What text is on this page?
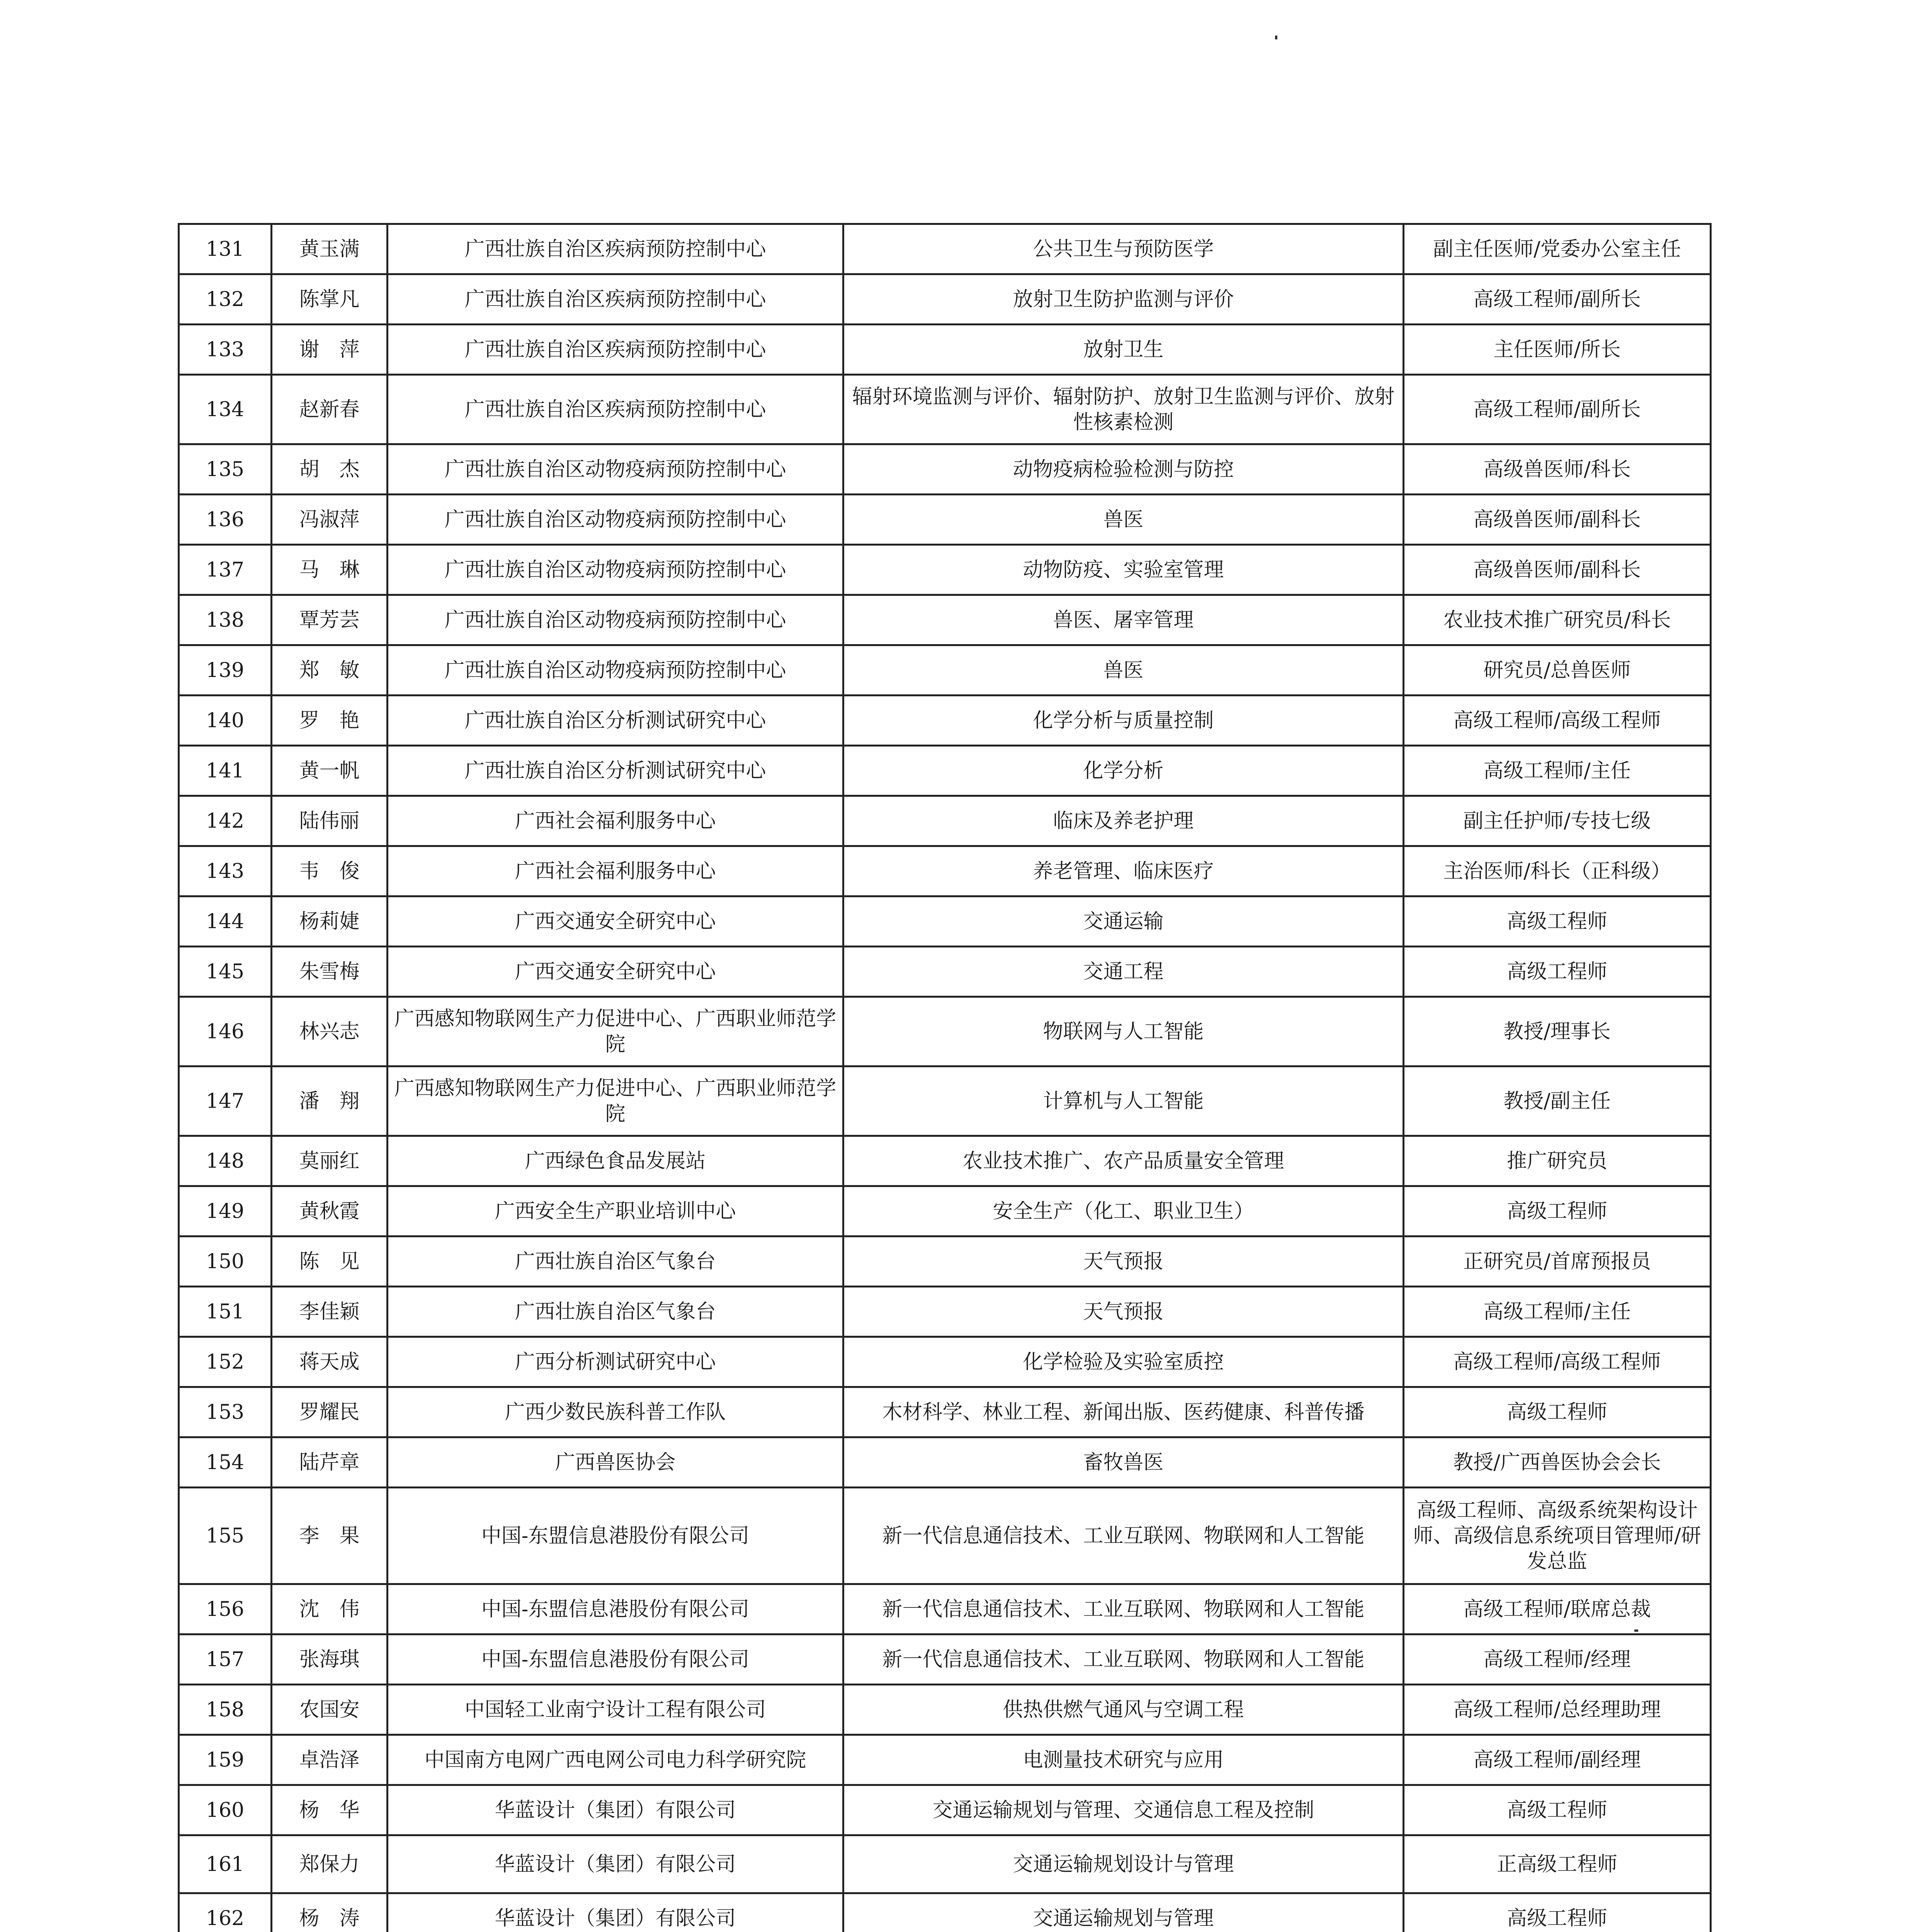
131	黄玉满	广西壮族自治区疾病预防控制中心	公共卫生与预防医学	副主任医师/党委办公室主任
132	陈掌凡	广西壮族自治区疾病预防控制中心	放射卫生防护监测与评价	高级工程师/副所长
133	谢　萍	广西壮族自治区疾病预防控制中心	放射卫生	主任医师/所长
134	赵新春	广西壮族自治区疾病预防控制中心	辐射环境监测与评价、辐射防护、放射卫生监测与评价、放射性核素检测	高级工程师/副所长
135	胡　杰	广西壮族自治区动物疫病预防控制中心	动物疫病检验检测与防控	高级兽医师/科长
136	冯淑萍	广西壮族自治区动物疫病预防控制中心	兽医	高级兽医师/副科长
137	马　琳	广西壮族自治区动物疫病预防控制中心	动物防疫、实验室管理	高级兽医师/副科长
138	覃芳芸	广西壮族自治区动物疫病预防控制中心	兽医、屠宰管理	农业技术推广研究员/科长
139	郑　敏	广西壮族自治区动物疫病预防控制中心	兽医	研究员/总兽医师
140	罗　艳	广西壮族自治区分析测试研究中心	化学分析与质量控制	高级工程师/高级工程师
141	黄一帆	广西壮族自治区分析测试研究中心	化学分析	高级工程师/主任
142	陆伟丽	广西社会福利服务中心	临床及养老护理	副主任护师/专技七级
143	韦　俊	广西社会福利服务中心	养老管理、临床医疗	主治医师/科长（正科级）
144	杨莉婕	广西交通安全研究中心	交通运输	高级工程师
145	朱雪梅	广西交通安全研究中心	交通工程	高级工程师
146	林兴志	广西感知物联网生产力促进中心、广西职业师范学院	物联网与人工智能	教授/理事长
147	潘　翔	广西感知物联网生产力促进中心、广西职业师范学院	计算机与人工智能	教授/副主任
148	莫丽红	广西绿色食品发展站	农业技术推广、农产品质量安全管理	推广研究员
149	黄秋霞	广西安全生产职业培训中心	安全生产（化工、职业卫生）	高级工程师
150	陈　见	广西壮族自治区气象台	天气预报	正研究员/首席预报员
151	李佳颖	广西壮族自治区气象台	天气预报	高级工程师/主任
152	蒋天成	广西分析测试研究中心	化学检验及实验室质控	高级工程师/高级工程师
153	罗耀民	广西少数民族科普工作队	木材科学、林业工程、新闻出版、医药健康、科普传播	高级工程师
154	陆芹章	广西兽医协会	畜牧兽医	教授/广西兽医协会会长
155	李　果	中国-东盟信息港股份有限公司	新一代信息通信技术、工业互联网、物联网和人工智能	高级工程师、高级系统架构设计师、高级信息系统项目管理师/研发总监
156	沈　伟	中国-东盟信息港股份有限公司	新一代信息通信技术、工业互联网、物联网和人工智能	高级工程师/联席总裁
157	张海琪	中国-东盟信息港股份有限公司	新一代信息通信技术、工业互联网、物联网和人工智能	高级工程师/经理
158	农国安	中国轻工业南宁设计工程有限公司	供热供燃气通风与空调工程	高级工程师/总经理助理
159	卓浩泽	中国南方电网广西电网公司电力科学研究院	电测量技术研究与应用	高级工程师/副经理
160	杨　华	华蓝设计（集团）有限公司	交通运输规划与管理、交通信息工程及控制	高级工程师
161	郑保力	华蓝设计（集团）有限公司	交通运输规划设计与管理	正高级工程师
162	杨　涛	华蓝设计（集团）有限公司	交通运输规划与管理	高级工程师
